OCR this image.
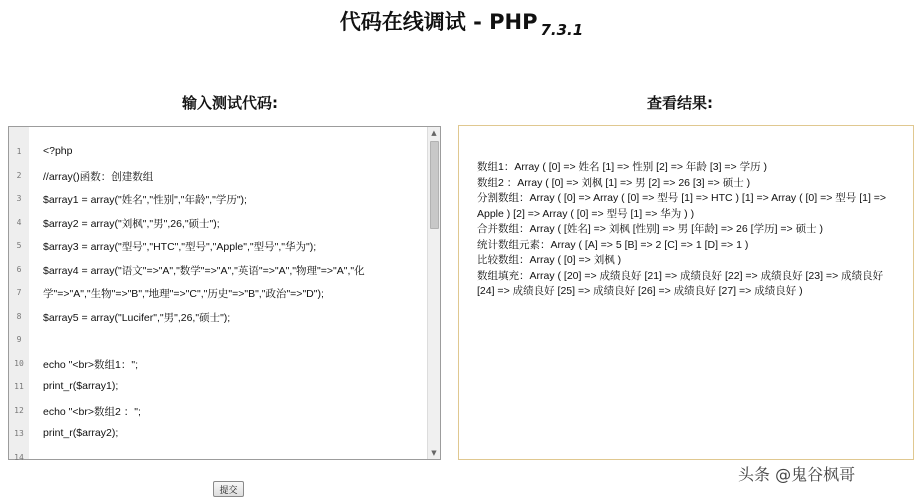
代码在线调试 - PHP $_{7.3.1}$
输入测试代码:	查看结果:
1
2
3
4
5
6
7
8
9
10
11
12
13
14
<?php
//array()函数：创建数组
$array1 = array("姓名","性别","年龄","学历");
$array2 = array("刘枫","男",26,"硕士");
$array3 = array("型号","HTC","型号","Apple","型号","华为");
$array4 = array("语文"=>"A","数学"=>"A","英语"=>"A","物理"=>"A","化
学"=>"A","生物"=>"B","地理"=>"C","历史"=>"B","政治"=>"D");
$array5 = array("Lucifer","男",26,"硕士");
echo "<br>数组1：";
print_r($array1);
echo "<br>数组2 ：";
print_r($array2);
▲
▼
数组1：Array ( [0] => 姓名 [1] => 性别 [2] => 年龄 [3] => 学历 )
数组2 ：Array ( [0] => 刘枫 [1] => 男 [2] => 26 [3] => 硕士 )
分割数组：Array ( [0] => Array ( [0] => 型号 [1] => HTC ) [1] => Array ( [0] => 型号 [1] => Apple ) [2] => Array ( [0] => 型号 [1] => 华为 ) )
合并数组：Array ( [姓名] => 刘枫 [性别] => 男 [年龄] => 26 [学历] => 硕士 )
统计数组元素：Array ( [A] => 5 [B] => 2 [C] => 1 [D] => 1 )
比较数组：Array ( [0] => 刘枫 )
数组填充：Array ( [20] => 成绩良好 [21] => 成绩良好 [22] => 成绩良好 [23] => 成绩良好 [24] => 成绩良好 [25] => 成绩良好 [26] => 成绩良好 [27] => 成绩良好 )
提交
头条 @鬼谷枫哥
